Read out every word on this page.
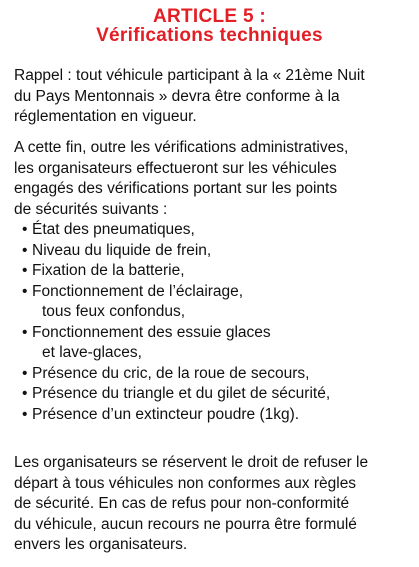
ARTICLE 5 :
Vérifications techniques
Rappel : tout véhicule participant à la « 21ème Nuit
du Pays Mentonnais » devra être conforme à la
réglementation en vigueur.
A cette fin, outre les vérifications administratives,
les organisateurs effectueront sur les véhicules
engagés des vérifications portant sur les points
de sécurités suivants :
• État des pneumatiques,
• Niveau du liquide de frein,
• Fixation de la batterie,
• Fonctionnement de l’éclairage,
tous feux confondus,
• Fonctionnement des essuie glaces
et lave-glaces,
• Présence du cric, de la roue de secours,
• Présence du triangle et du gilet de sécurité,
• Présence d’un extincteur poudre (1kg).
Les organisateurs se réservent le droit de refuser le
départ à tous véhicules non conformes aux règles
de sécurité. En cas de refus pour non-conformité
du véhicule, aucun recours ne pourra être formulé
envers les organisateurs.
